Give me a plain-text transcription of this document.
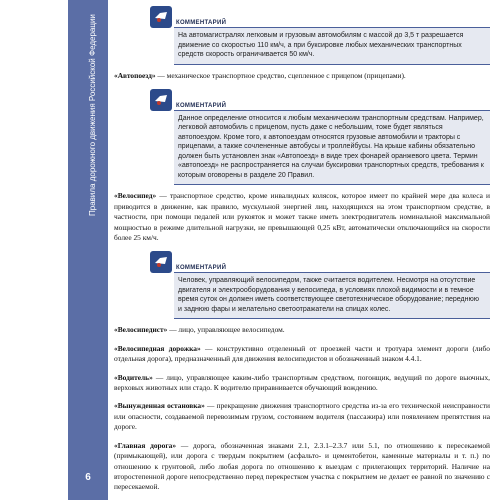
Правила дорожного движения Российской Федерации
6
КОММЕНТАРИЙ
На автомагистралях легковым и грузовым автомобилям с массой до 3,5 т разрешается движение со скоростью 110 км/ч, а при буксировке любых механических транспортных средств скорость ограничивается 50 км/ч.

«Автопоезд» — механическое транспортное средство, сцепленное с прицепом (прицепами).

КОММЕНТАРИЙ
Данное определение относится к любым механическим транспортным средствам. Например, легковой автомобиль с прицепом, пусть даже с небольшим, тоже будет являться автопоездом. Кроме того, к автопоездам относятся грузовые автомобили и тракторы с прицепами, а также сочлененные автобусы и троллейбусы. На крыше кабины обязательно должен быть установлен знак «Автопоезд» в виде трех фонарей оранжевого цвета. Термин «автопоезд» не распространяется на случаи буксировки транспортных средств, требования к которым оговорены в разделе 20 Правил.

«Велосипед» — транспортное средство, кроме инвалидных колясок, которое имеет по крайней мере два колеса и приводится в движение, как правило, мускульной энергией лиц, находящихся на этом транспортном средстве, в частности, при помощи педалей или рукояток и может также иметь электродвигатель номинальной максимальной мощностью в режиме длительной нагрузки, не превышающей 0,25 кВт, автоматически отключающийся на скорости более 25 км/ч.

КОММЕНТАРИЙ
Человек, управляющий велосипедом, также считается водителем. Несмотря на отсутствие двигателя и электрооборудования у велосипеда, в условиях плохой видимости и в темное время суток он должен иметь соответствующее светотехническое оборудование; переднюю и заднюю фары и желательно светоотражатели на спицах колес.

«Велосипедист» — лицо, управляющее велосипедом.

«Велосипедная дорожка» — конструктивно отделенный от проезжей части и тротуара элемент дороги (либо отдельная дорога), предназначенный для движения велосипедистов и обозначенный знаком 4.4.1.

«Водитель» — лицо, управляющее каким-либо транспортным средством, погонщик, ведущий по дороге вьючных, верховых животных или стадо. К водителю приравнивается обучающий вождению.

«Вынужденная остановка» — прекращение движения транспортного средства из-за его технической неисправности или опасности, создаваемой перевозимым грузом, состоянием водителя (пассажира) или появлением препятствия на дороге.

«Главная дорога» — дорога, обозначенная знаками 2.1, 2.3.1–2.3.7 или 5.1, по отношению к пересекаемой (примыкающей), или дорога с твердым покрытием (асфальто- и цементобетон, каменные материалы и т. п.) по отношению к грунтовой, либо любая дорога по отношению к выездам с прилегающих территорий. Наличие на второстепенной дороге непосредственно перед перекрестком участка с покрытием не делает ее равной по значению с пересекаемой.
